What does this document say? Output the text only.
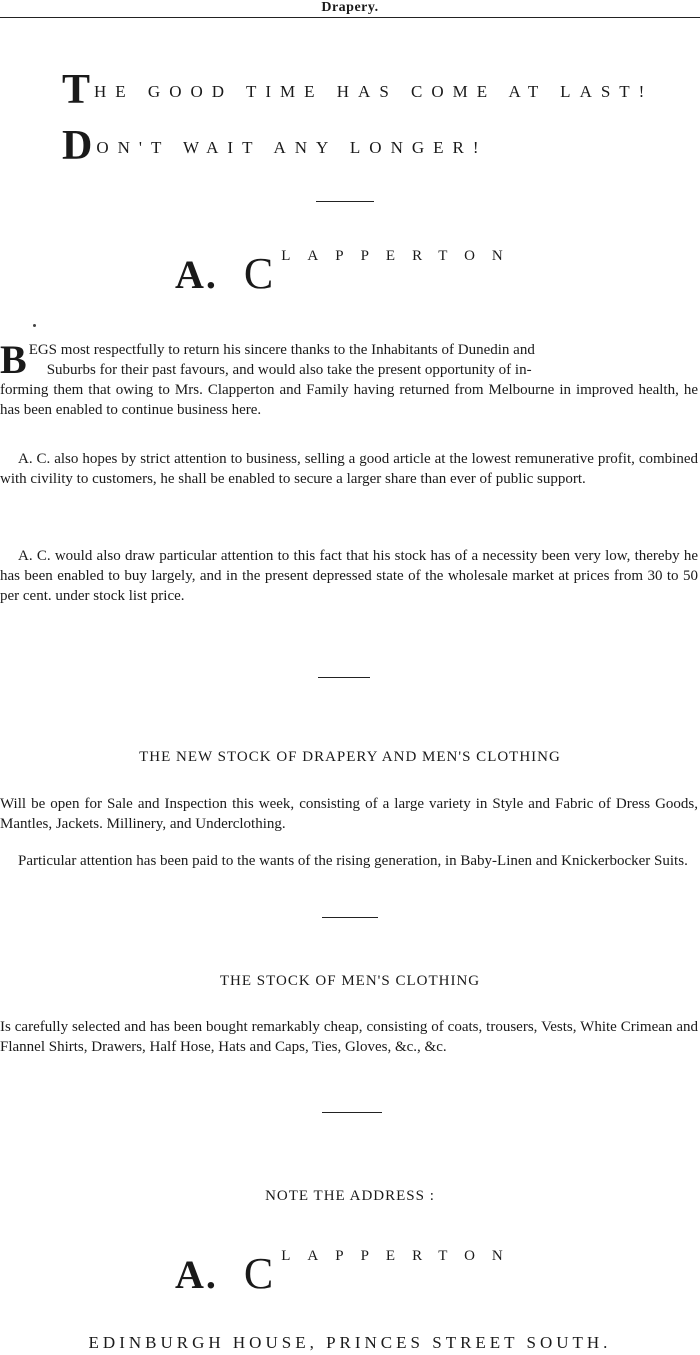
Drapery.
THE GOOD TIME HAS COME AT LAST!
DON'T WAIT ANY LONGER!
A. C LAPPERTON
B EGS most respectfully to return his sincere thanks to the Inhabitants of Dunedin and
Suburbs for their past favours, and would also take the present opportunity of in-
forming them that owing to Mrs. Clapperton and Family having returned from Melbourne in improved health, he has been enabled to continue business here.

A. C. also hopes by strict attention to business, selling a good article at the lowest remunerative profit, combined with civility to customers, he shall be enabled to secure a larger share than ever of public support.

A. C. would also draw particular attention to this fact that his stock has of a necessity been very low, thereby he has been enabled to buy largely, and in the present depressed state of the wholesale market at prices from 30 to 50 per cent. under stock list price.

THE NEW STOCK OF DRAPERY AND MEN'S CLOTHING

Will be open for Sale and Inspection this week, consisting of a large variety in Style and Fabric of Dress Goods, Mantles, Jackets. Millinery, and Underclothing.

Particular attention has been paid to the wants of the rising generation, in Baby-Linen and Knickerbocker Suits.

THE STOCK OF MEN'S CLOTHING

Is carefully selected and has been bought remarkably cheap, consisting of coats, trousers, Vests, White Crimean and Flannel Shirts, Drawers, Half Hose, Hats and Caps, Ties, Gloves, &c., &c.

NOTE THE ADDRESS :
A. C LAPPERTON
EDINBURGH HOUSE, PRINCES STREET SOUTH.
